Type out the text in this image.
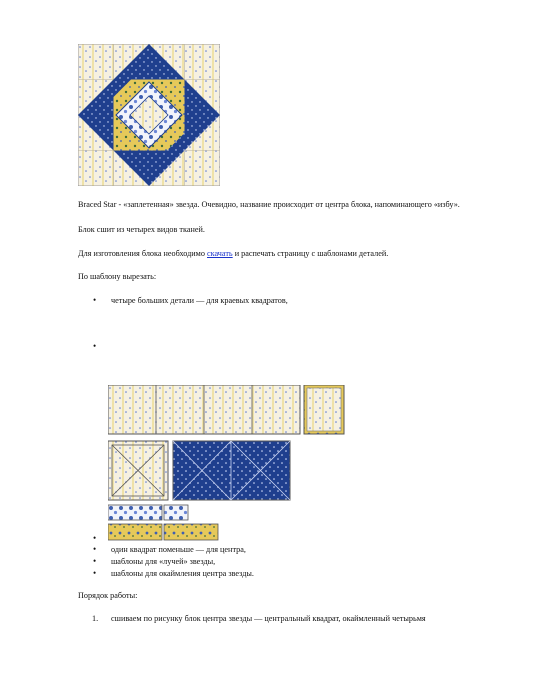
Braced Star - «заплетенная» звезда. Очевидно, название происходит от центра блока, напоминающего «избу».
Блок сшит из четырех видов тканей.
Для изготовления блока необходимо скачать и распечать страницу с шаблонами деталей.
По шаблону вырезать:
• четыре больших детали — для краевых квадратов,
•
•
• один квадрат поменьше — для центра,
• шаблоны для «лучей» звезды,
• шаблоны для окаймления центра звезды.
Порядок работы:
1. сшиваем по рисунку блок центра звезды — центральный квадрат, окаймленный четырьмя
